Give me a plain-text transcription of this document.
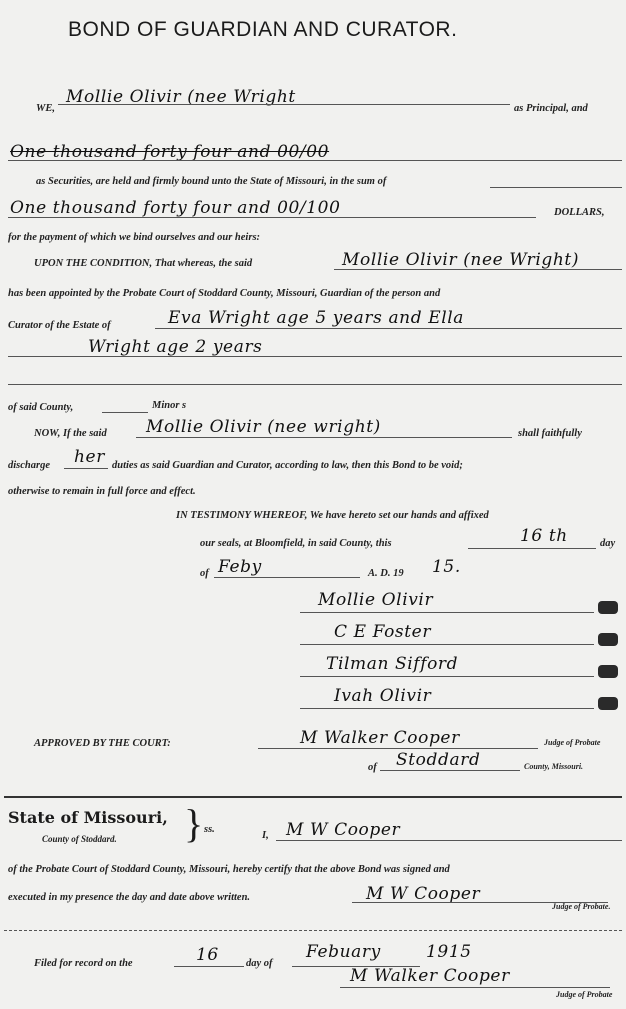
BOND OF GUARDIAN AND CURATOR.
WE,
Mollie Olivir (nee Wright
as Principal, and
One thousand forty four and 00/00
as Securities, are held and firmly bound unto the State of Missouri, in the sum of
One thousand forty four and 00/100	DOLLARS,
for the payment of which we bind ourselves and our heirs:
UPON THE CONDITION, That whereas, the said	Mollie Olivir (nee Wright)
has been appointed by the Probate Court of Stoddard County, Missouri, Guardian of the person and
Curator of the Estate of	Eva Wright age 5 years and Ella
Wright age 2 years
of said County,	Minor s
NOW, If the said Mollie Olivir (nee wright)	shall faithfully
discharge her duties as said Guardian and Curator, according to law, then this Bond to be void;
otherwise to remain in full force and effect.
IN TESTIMONY WHEREOF, We have hereto set our hands and affixed
our seals, at Bloomfield, in said County, this	16 th	day
of Feby	A. D. 19 15.
Mollie Olivir
C E Foster
Tilman Sifford
Ivah Olivir
APPROVED BY THE COURT:	M Walker Cooper	Judge of Probate
of Stoddard	County, Missouri.
State of Missouri,
County of Stoddard. } ss.
I, M W Cooper
of the Probate Court of Stoddard County, Missouri, hereby certify that the above Bond was signed and
executed in my presence the day and date above written.	M W Cooper
Judge of Probate.
Filed for record on the	16	day of
Febuary	1915
M Walker Cooper
Judge of Probate
